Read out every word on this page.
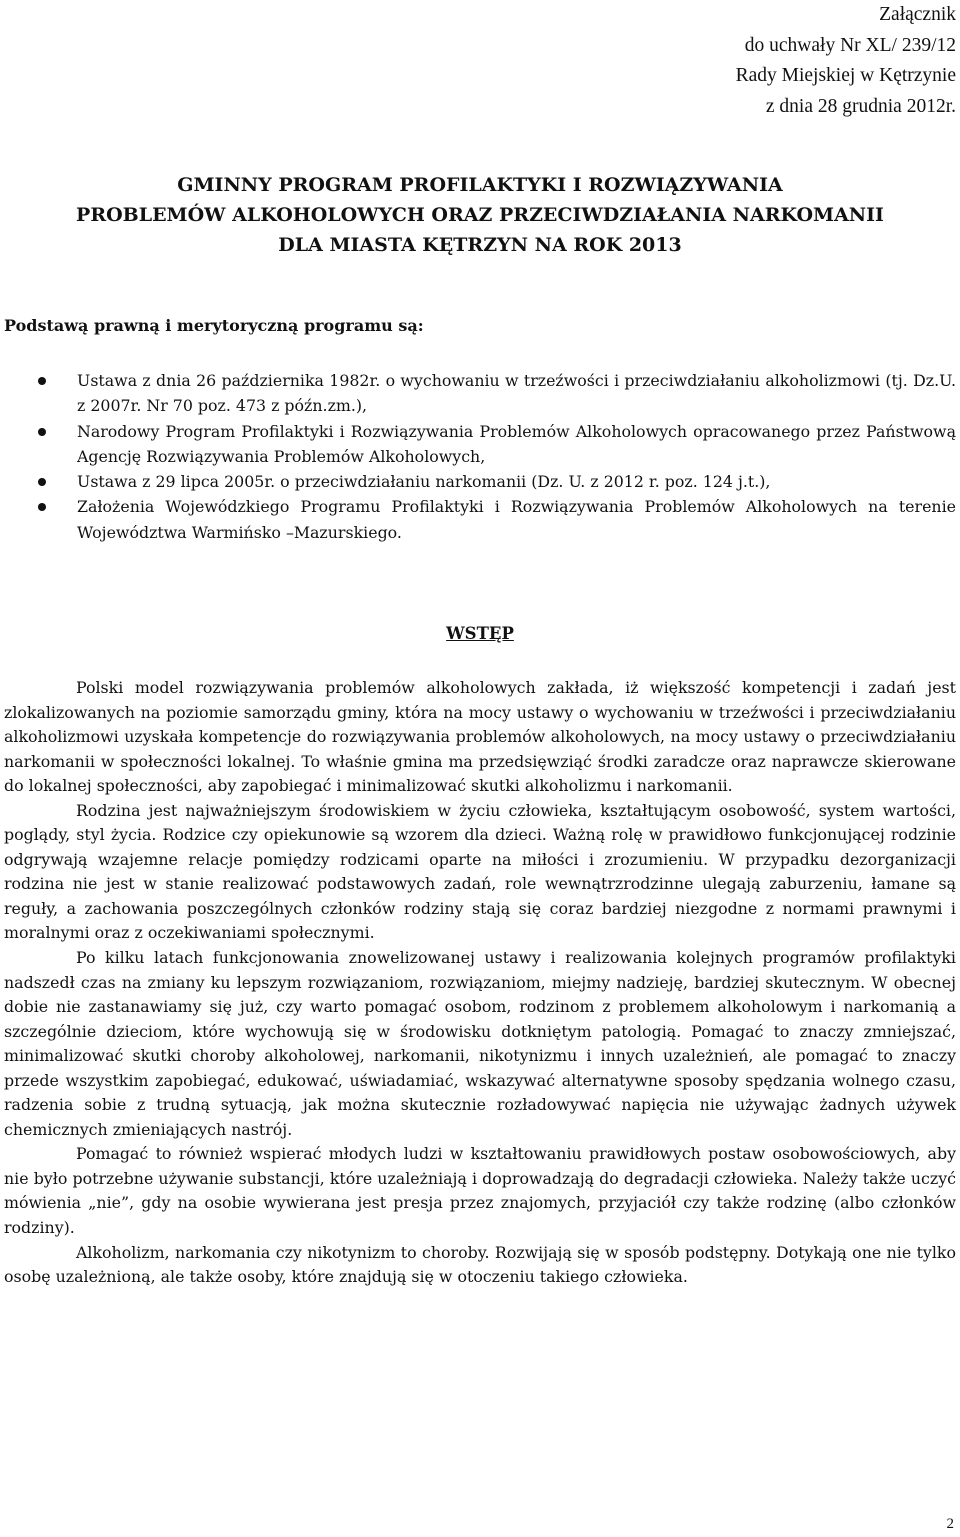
Załącznik
do uchwały Nr XL/ 239/12
Rady Miejskiej w Kętrzynie
z dnia 28 grudnia 2012r.
GMINNY PROGRAM PROFILAKTYKI I ROZWIĄZYWANIA
PROBLEMÓW ALKOHOLOWYCH ORAZ PRZECIWDZIAŁANIA NARKOMANII
DLA MIASTA KĘTRZYN NA ROK 2013
Podstawą prawną i merytoryczną programu są:
Ustawa z dnia 26 października 1982r. o wychowaniu w trzeźwości i przeciwdziałaniu alkoholizmowi (tj. Dz.U. z 2007r. Nr 70 poz. 473 z późn.zm.),
Narodowy Program Profilaktyki i Rozwiązywania Problemów Alkoholowych opracowanego przez Państwową Agencję Rozwiązywania Problemów Alkoholowych,
Ustawa z 29 lipca 2005r. o przeciwdziałaniu narkomanii (Dz. U. z 2012 r. poz. 124 j.t.),
Założenia Wojewódzkiego Programu Profilaktyki i Rozwiązywania Problemów Alkoholowych na terenie Województwa Warmińsko –Mazurskiego.
WSTĘP

Polski model rozwiązywania problemów alkoholowych zakłada, iż większość kompetencji i zadań jest zlokalizowanych na poziomie samorządu gminy, która na mocy ustawy o wychowaniu w trzeźwości i przeciwdziałaniu alkoholizmowi uzyskała kompetencje do rozwiązywania problemów alkoholowych, na mocy ustawy o przeciwdziałaniu narkomanii w społeczności lokalnej. To właśnie gmina ma przedsięwziąć środki zaradcze oraz naprawcze skierowane do lokalnej społeczności, aby zapobiegać i minimalizować skutki alkoholizmu i narkomanii.

Rodzina jest najważniejszym środowiskiem w życiu człowieka, kształtującym osobowość, system wartości, poglądy, styl życia. Rodzice czy opiekunowie są wzorem dla dzieci. Ważną rolę w prawidłowo funkcjonującej rodzinie odgrywają wzajemne relacje pomiędzy rodzicami oparte na miłości i zrozumieniu. W przypadku dezorganizacji rodzina nie jest w stanie realizować podstawowych zadań, role wewnątrzrodzinne ulegają zaburzeniu, łamane są reguły, a zachowania poszczególnych członków rodziny stają się coraz bardziej niezgodne z normami prawnymi i moralnymi oraz z oczekiwaniami społecznymi.

Po kilku latach funkcjonowania znowelizowanej ustawy i realizowania kolejnych programów profilaktyki nadszedł czas na zmiany ku lepszym rozwiązaniom, rozwiązaniom, miejmy nadzieję, bardziej skutecznym. W obecnej dobie nie zastanawiamy się już, czy warto pomagać osobom, rodzinom z problemem alkoholowym i narkomanią a szczególnie dzieciom, które wychowują się w środowisku dotkniętym patologią. Pomagać to znaczy zmniejszać, minimalizować skutki choroby alkoholowej, narkomanii, nikotynizmu i innych uzależnień, ale pomagać to znaczy przede wszystkim zapobiegać, edukować, uświadamiać, wskazywać alternatywne sposoby spędzania wolnego czasu, radzenia sobie z trudną sytuacją, jak można skutecznie rozładowywać napięcia nie używając żadnych używek chemicznych zmieniających nastrój.

Pomagać to również wspierać młodych ludzi w kształtowaniu prawidłowych postaw osobowościowych, aby nie było potrzebne używanie substancji, które uzależniają i doprowadzają do degradacji człowieka. Należy także uczyć mówienia „nie”, gdy na osobie wywierana jest presja przez znajomych, przyjaciół czy także rodzinę (albo członków rodziny).

Alkoholizm, narkomania czy nikotynizm to choroby. Rozwijają się w sposób podstępny. Dotykają one nie tylko osobę uzależnioną, ale także osoby, które znajdują się w otoczeniu takiego człowieka.

2
